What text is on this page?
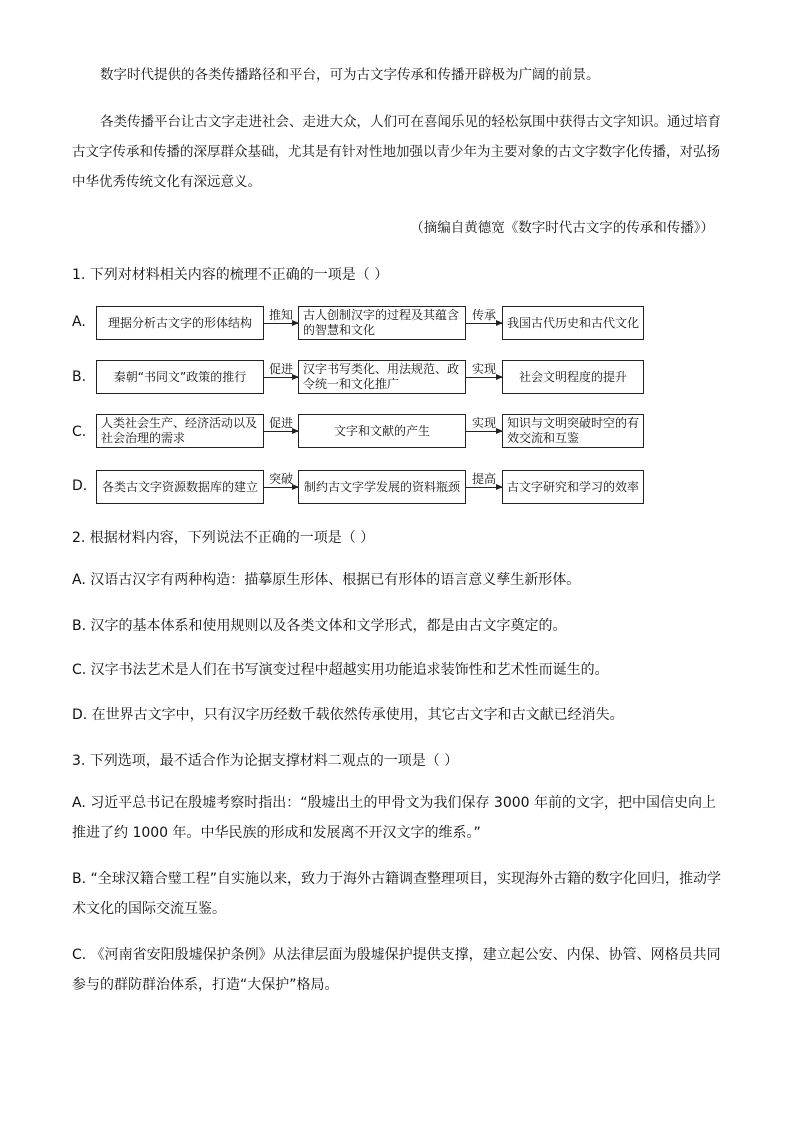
数字时代提供的各类传播路径和平台，可为古文字传承和传播开辟极为广阔的前景。

各类传播平台让古文字走进社会、走进大众，人们可在喜闻乐见的轻松氛围中获得古文字知识。通过培育古文字传承和传播的深厚群众基础，尤其是有针对性地加强以青少年为主要对象的古文字数字化传播，对弘扬中华优秀传统文化有深远意义。

（摘编自黄德宽《数字时代古文字的传承和传播》）
1. 下列对材料相关内容的梳理不正确的一项是（ ）
A.	理据分析古文字的形体结构
推知 古人创制汉字的过程及其蕴含的智慧和文化
传承
我国古代历史和古代文化
B.	秦朝“书同文”政策的推行
促进 汉字书写类化、用法规范、政令统一和文化推广
实现
社会文明程度的提升
C.
人类社会生产、经济活动以及社会治理的需求
促进
文字和文献的产生
实现 知识与文明突破时空的有效交流和互鉴
D.	各类古文字资源数据库的建立
突破
制约古文字学发展的资料瓶颈
提高
古文字研究和学习的效率
2. 根据材料内容，下列说法不正确的一项是（ ）
A. 汉语古汉字有两种构造：描摹原生形体、根据已有形体的语言意义孳生新形体。
B. 汉字的基本体系和使用规则以及各类文体和文学形式，都是由古文字奠定的。
C. 汉字书法艺术是人们在书写演变过程中超越实用功能追求装饰性和艺术性而诞生的。
D. 在世界古文字中，只有汉字历经数千载依然传承使用，其它古文字和古文献已经消失。
3. 下列选项，最不适合作为论据支撑材料二观点的一项是（ ）
A. 习近平总书记在殷墟考察时指出：“殷墟出土的甲骨文为我们保存 3000 年前的文字，把中国信史向上推进了约 1000 年。中华民族的形成和发展离不开汉文字的维系。”
B. “全球汉籍合璧工程”自实施以来，致力于海外古籍调查整理项目，实现海外古籍的数字化回归，推动学术文化的国际交流互鉴。
C. 《河南省安阳殷墟保护条例》从法律层面为殷墟保护提供支撑，建立起公安、内保、协管、网格员共同参与的群防群治体系，打造“大保护”格局。
